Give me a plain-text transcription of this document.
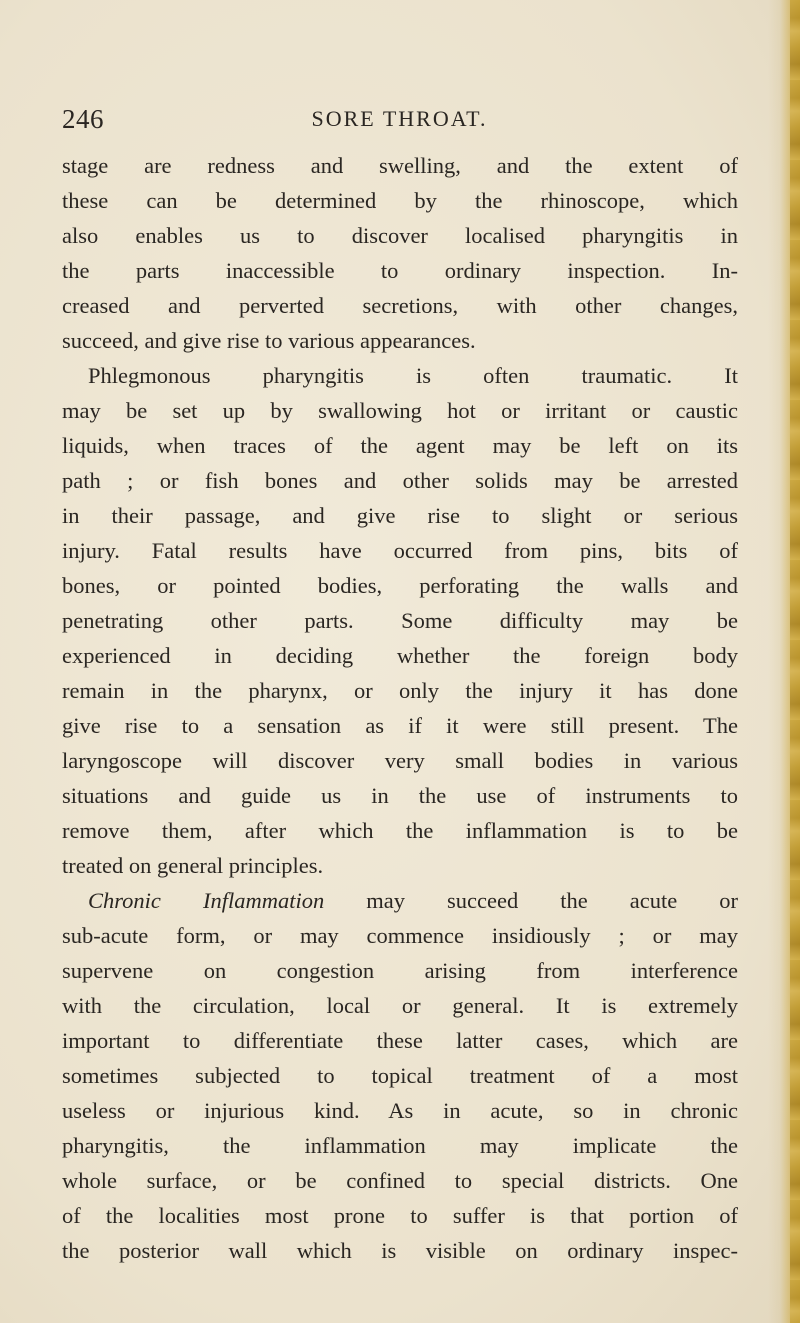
246	SORE THROAT.
stage are redness and swelling, and the extent of
these can be determined by the rhinoscope, which
also enables us to discover localised pharyngitis in
the parts inaccessible to ordinary inspection. In-
creased and perverted secretions, with other changes,
succeed, and give rise to various appearances.
Phlegmonous pharyngitis is often traumatic. It
may be set up by swallowing hot or irritant or caustic
liquids, when traces of the agent may be left on its
path ; or fish bones and other solids may be arrested
in their passage, and give rise to slight or serious
injury. Fatal results have occurred from pins, bits of
bones, or pointed bodies, perforating the walls and
penetrating other parts. Some difficulty may be
experienced in deciding whether the foreign body
remain in the pharynx, or only the injury it has done
give rise to a sensation as if it were still present. The
laryngoscope will discover very small bodies in various
situations and guide us in the use of instruments to
remove them, after which the inflammation is to be
treated on general principles.
Chronic Inflammation may succeed the acute or
sub-acute form, or may commence insidiously ; or may
supervene on congestion arising from interference
with the circulation, local or general. It is extremely
important to differentiate these latter cases, which are
sometimes subjected to topical treatment of a most
useless or injurious kind. As in acute, so in chronic
pharyngitis, the inflammation may implicate the
whole surface, or be confined to special districts. One
of the localities most prone to suffer is that portion of
the posterior wall which is visible on ordinary inspec-
